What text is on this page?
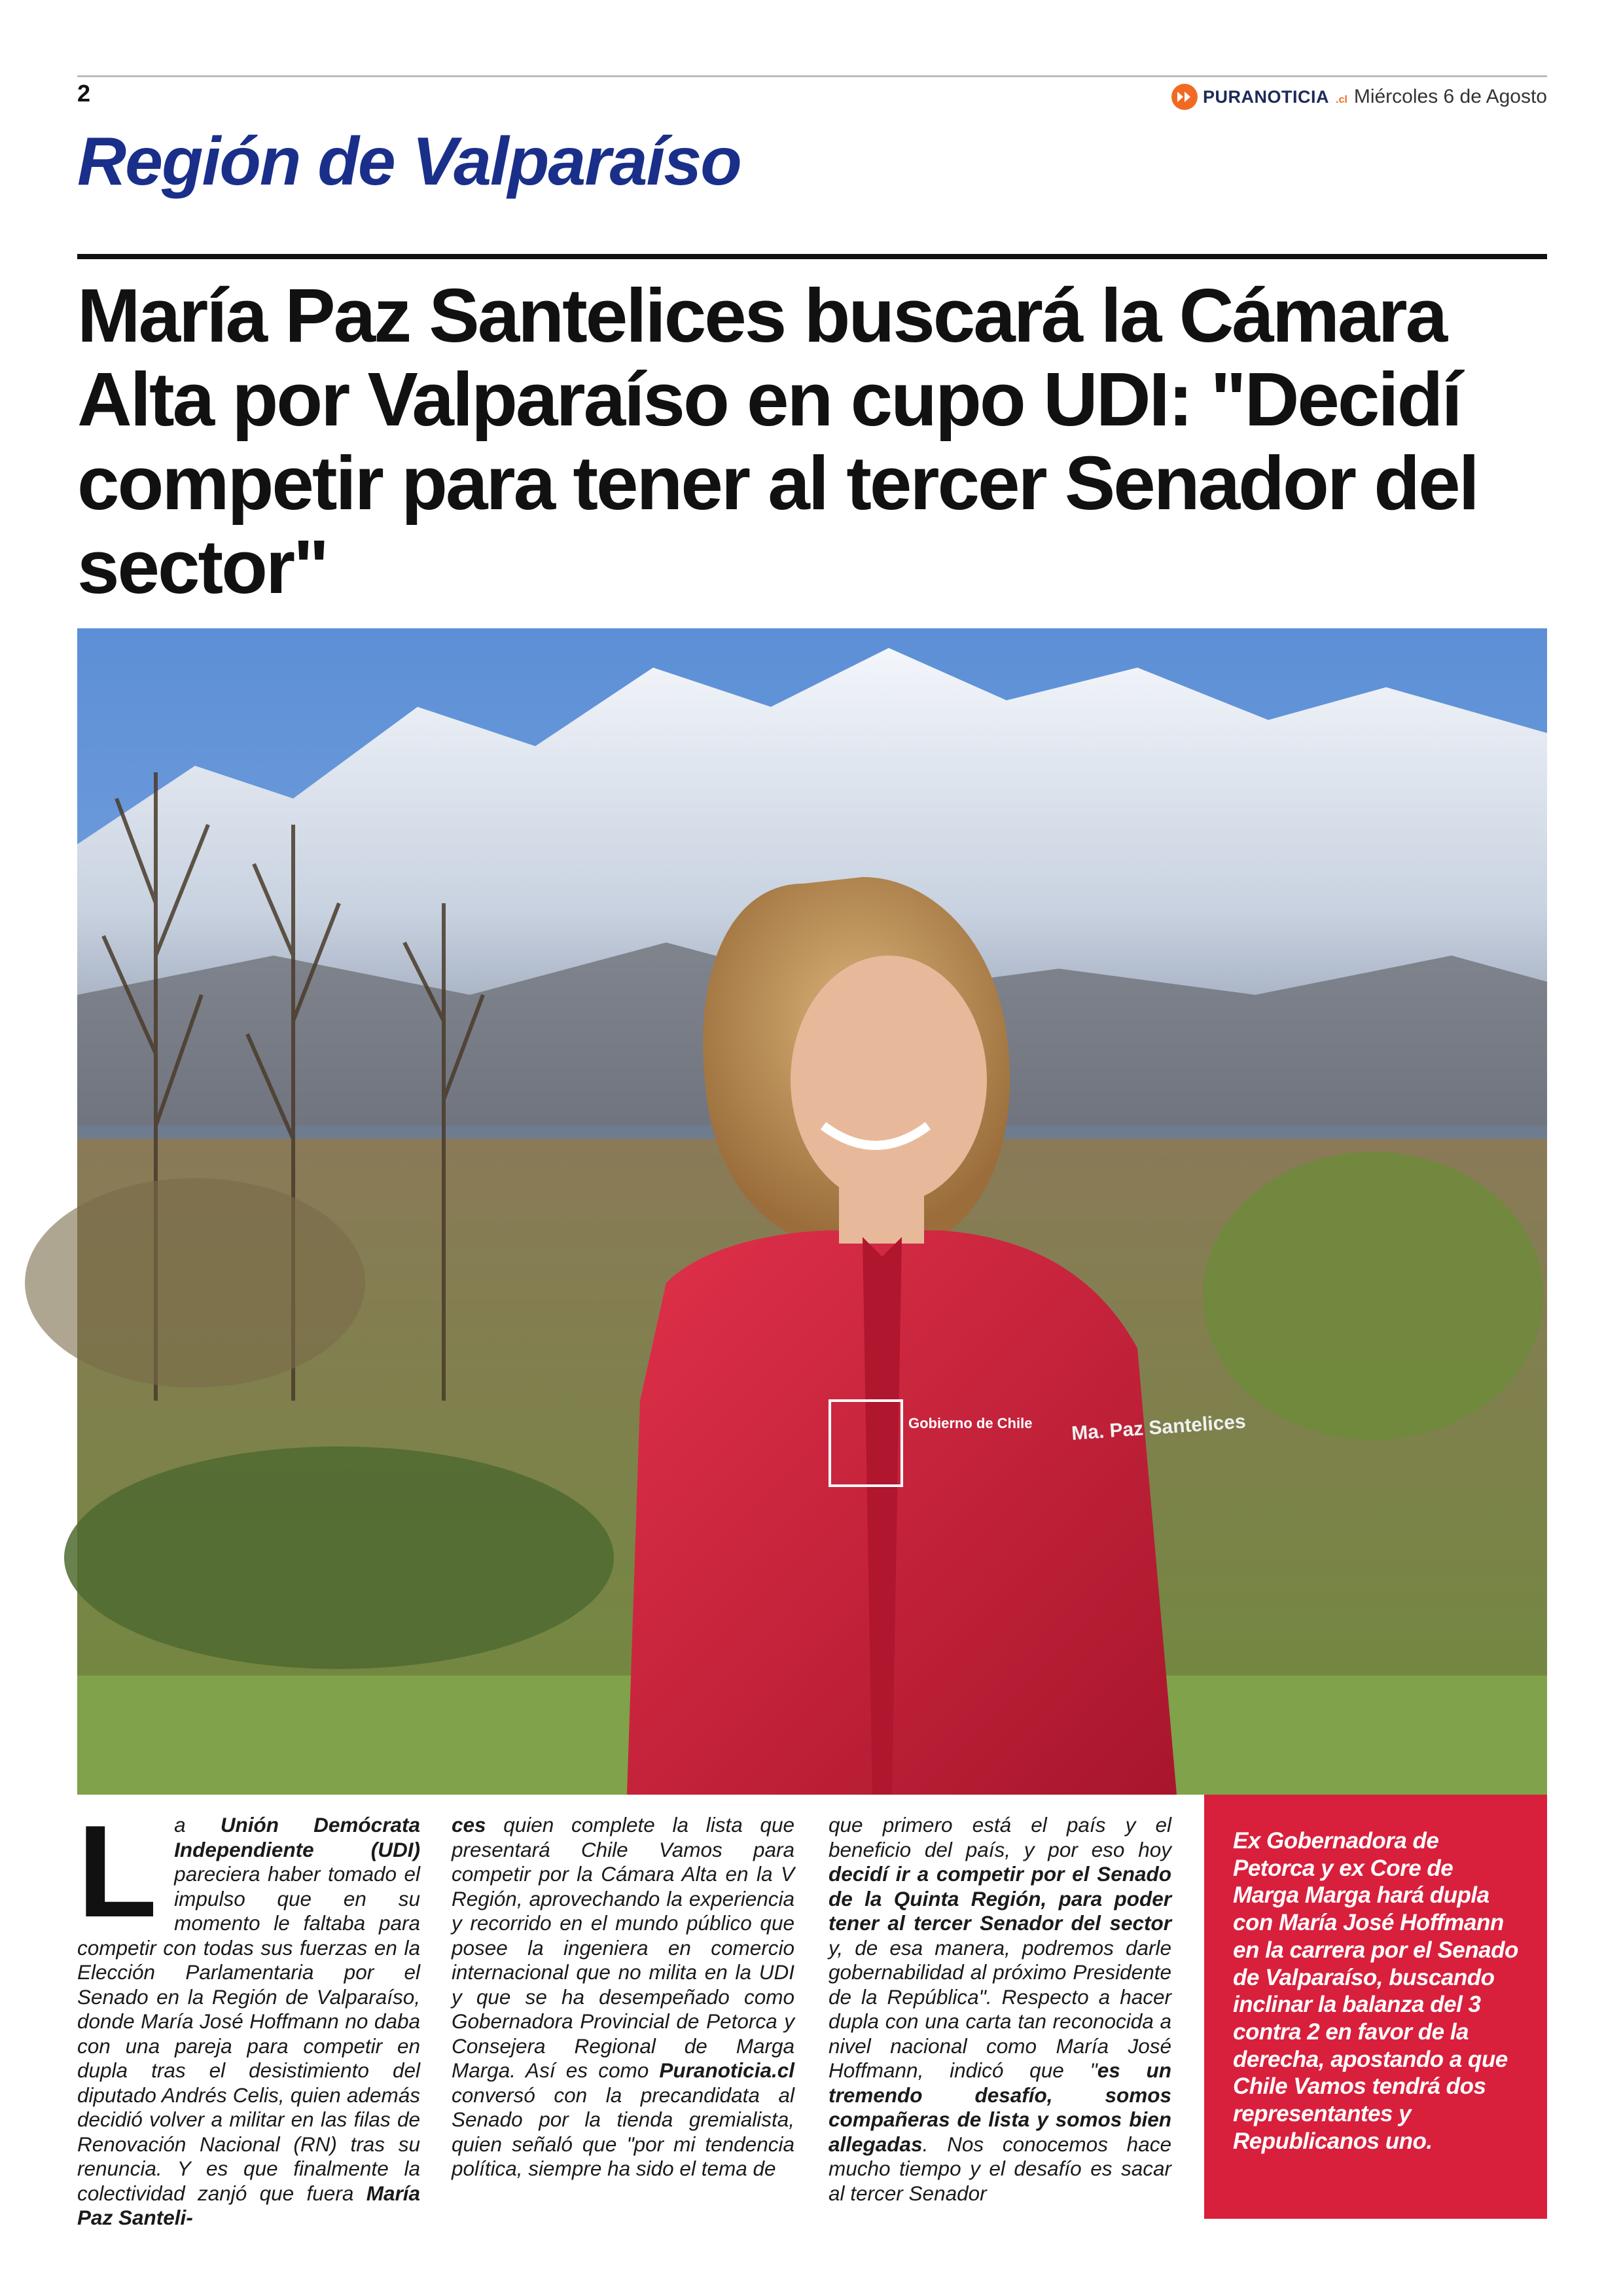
2	PURANOTICIA .cl Miércoles 6 de Agosto
Región de Valparaíso
María Paz Santelices buscará la Cámara Alta por Valparaíso en cupo UDI: "Decidí competir para tener al tercer Senador del sector"
Gobierno de Chile Ma. Paz Santelices
L a Unión Demócrata Independiente (UDI) pareciera haber tomado el impulso que en su momento le faltaba para competir con todas sus fuerzas en la Elección Parlamentaria por el Senado en la Región de Valparaíso, donde María José Hoffmann no daba con una pareja para competir en dupla tras el desistimiento del diputado Andrés Celis, quien además decidió volver a militar en las filas de Renovación Nacional (RN) tras su renuncia. Y es que finalmente la colectividad zanjó que fuera María Paz Santeli-

ces quien complete la lista que presentará Chile Vamos para competir por la Cámara Alta en la V Región, aprovechando la experiencia y recorrido en el mundo público que posee la ingeniera en comercio internacional que no milita en la UDI y que se ha desempeñado como Gobernadora Provincial de Petorca y Consejera Regional de Marga Marga. Así es como Puranoticia.cl conversó con la precandidata al Senado por la tienda gremialista, quien señaló que "por mi tendencia política, siempre ha sido el tema de

que primero está el país y el beneficio del país, y por eso hoy decidí ir a competir por el Senado de la Quinta Región, para poder tener al tercer Senador del sector y, de esa manera, podremos darle gobernabilidad al próximo Presidente de la República". Respecto a hacer dupla con una carta tan reconocida a nivel nacional como María José Hoffmann, indicó que "es un tremendo desafío, somos compañeras de lista y somos bien allegadas. Nos conocemos hace mucho tiempo y el desafío es sacar al tercer Senador

Ex Gobernadora de Petorca y ex Core de Marga Marga hará dupla con María José Hoffmann en la carrera por el Senado de Valparaíso, buscando inclinar la balanza del 3 contra 2 en favor de la derecha, apostando a que Chile Vamos tendrá dos representantes y Republicanos uno.
